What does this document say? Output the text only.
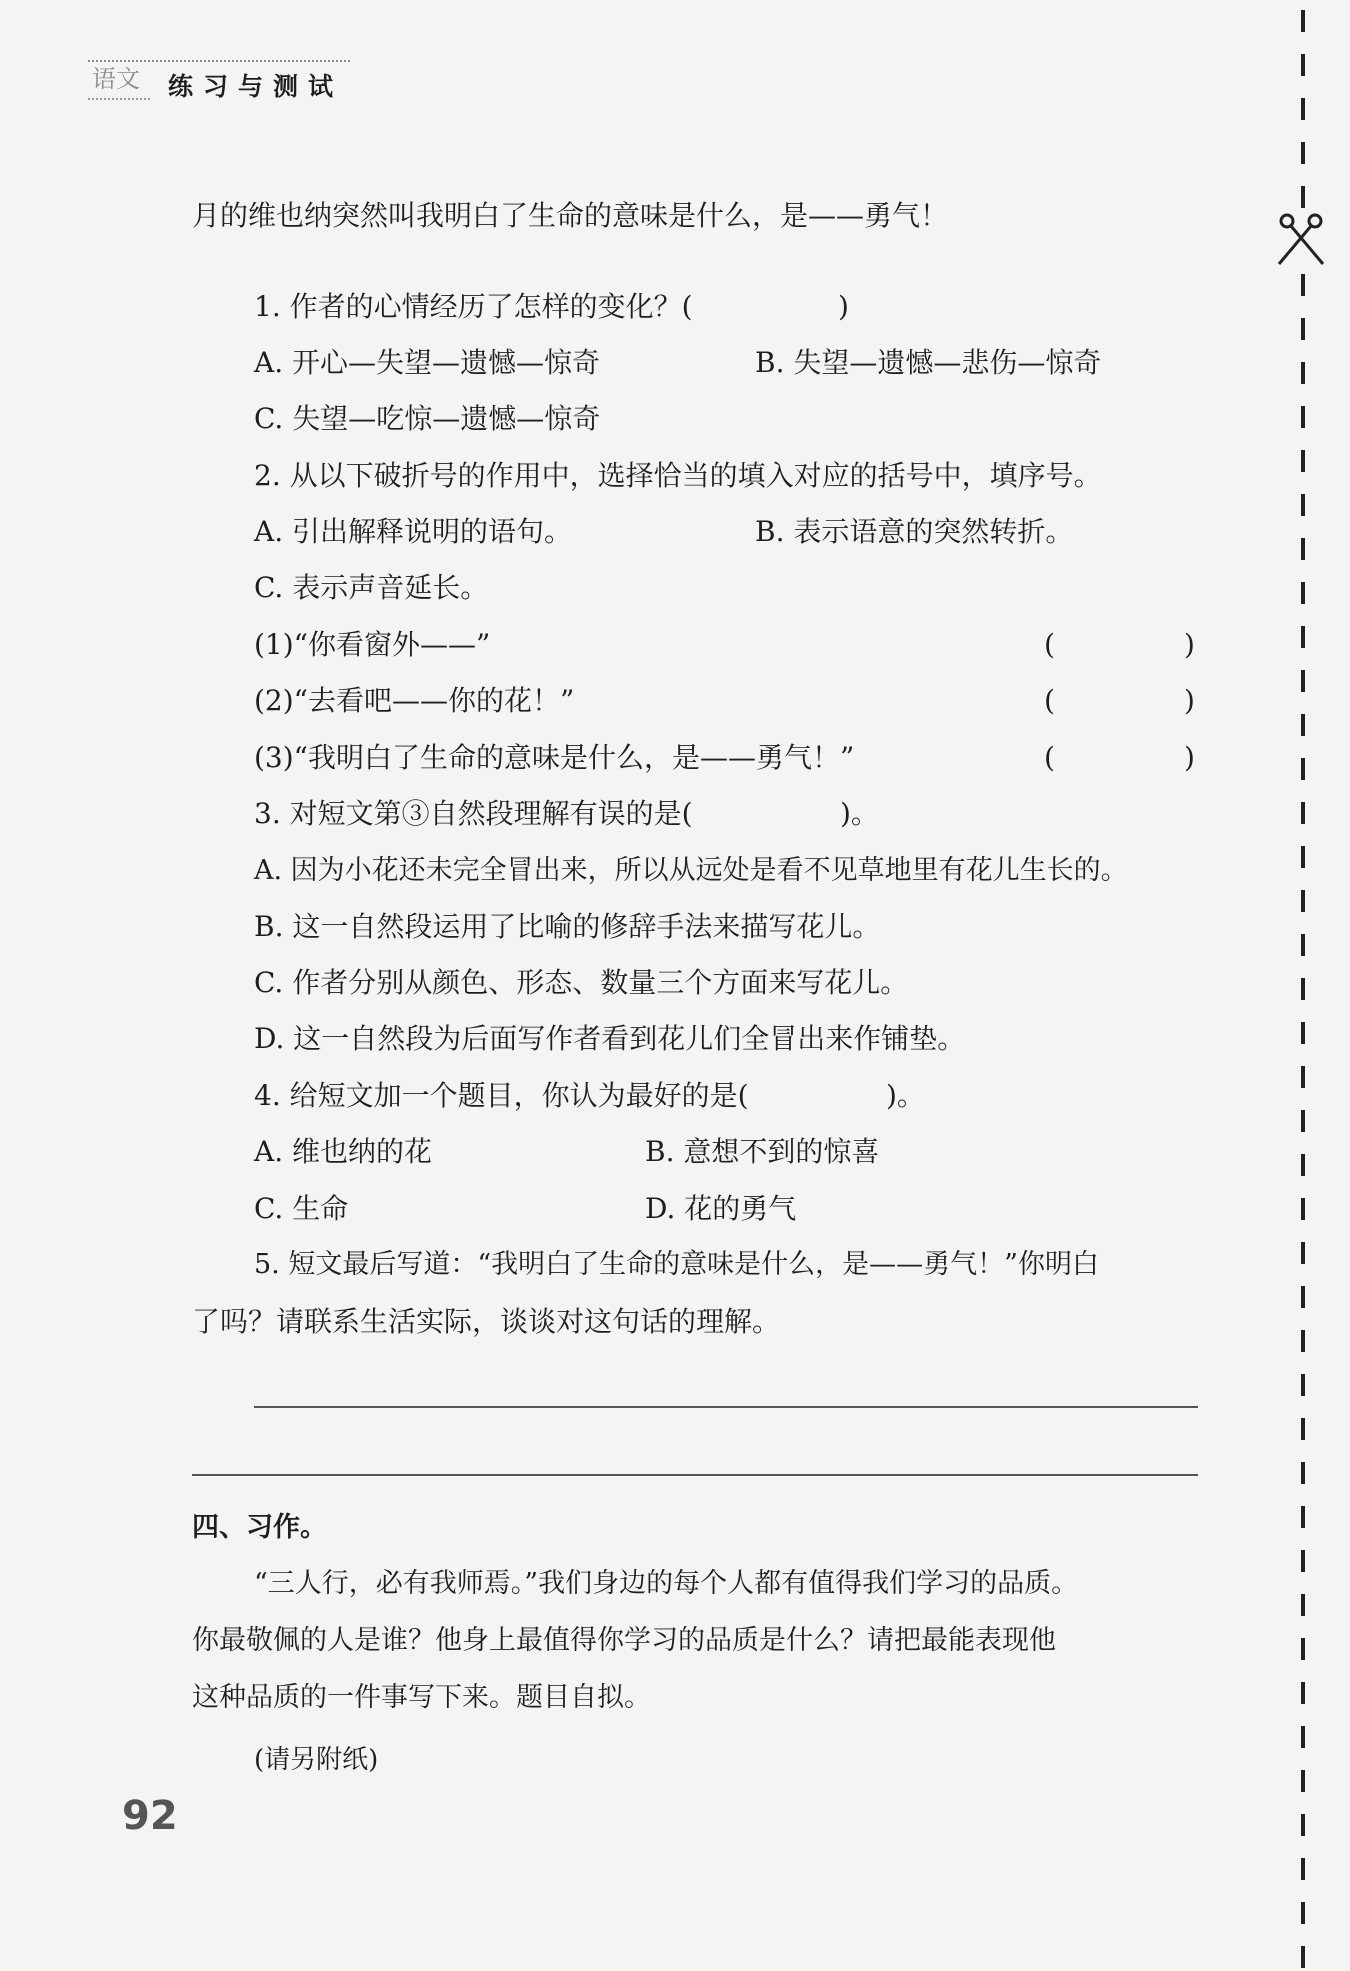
语文 练习与测试
月的维也纳突然叫我明白了生命的意味是什么，是——勇气！
1. 作者的心情经历了怎样的变化？(	)
A. 开心—失望—遗憾—惊奇	B. 失望—遗憾—悲伤—惊奇
C. 失望—吃惊—遗憾—惊奇
2. 从以下破折号的作用中，选择恰当的填入对应的括号中，填序号。
A. 引出解释说明的语句。	B. 表示语意的突然转折。
C. 表示声音延长。
(1)“你看窗外——”	(	)
(2)“去看吧——你的花！”	(	)
(3)“我明白了生命的意味是什么，是——勇气！”	(	)
3. 对短文第③自然段理解有误的是(	)。
A. 因为小花还未完全冒出来，所以从远处是看不见草地里有花儿生长的。
B. 这一自然段运用了比喻的修辞手法来描写花儿。
C. 作者分别从颜色、形态、数量三个方面来写花儿。
D. 这一自然段为后面写作者看到花儿们全冒出来作铺垫。
4. 给短文加一个题目，你认为最好的是(	)。
A. 维也纳的花	B. 意想不到的惊喜
C. 生命	D. 花的勇气
5. 短文最后写道：“我明白了生命的意味是什么，是——勇气！”你明白
了吗？请联系生活实际，谈谈对这句话的理解。
四、习作。
“三人行，必有我师焉。”我们身边的每个人都有值得我们学习的品质。
你最敬佩的人是谁？他身上最值得你学习的品质是什么？请把最能表现他
这种品质的一件事写下来。题目自拟。
(请另附纸)
92
